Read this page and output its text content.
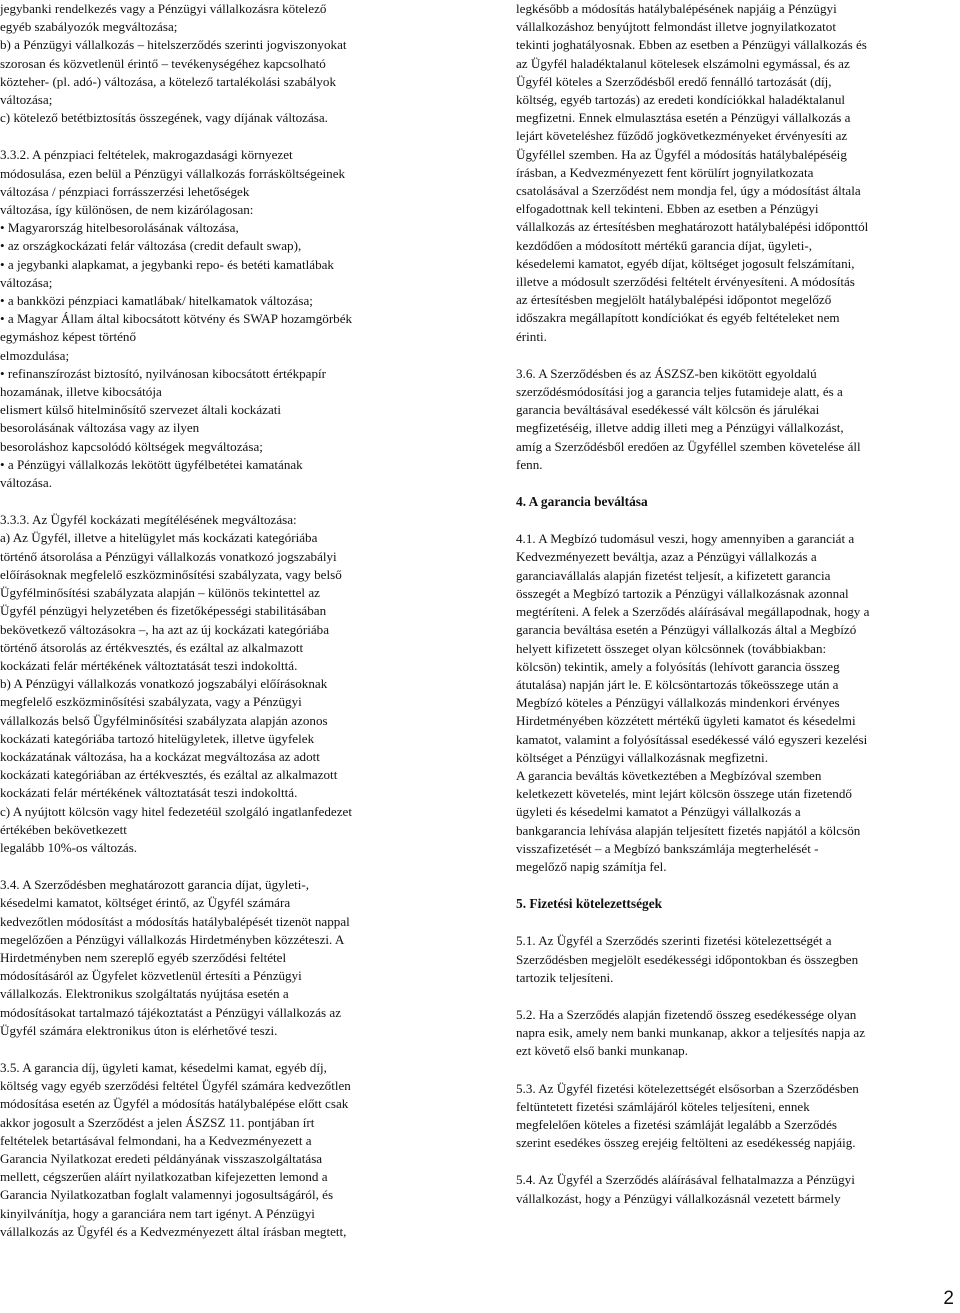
jegybanki rendelkezés vagy a Pénzügyi vállalkozásra kötelező
egyéb szabályozók megváltozása;
b) a Pénzügyi vállalkozás – hitelszerződés szerinti jogviszonyokat
szorosan és közvetlenül érintő – tevékenységéhez kapcsolható
közteher- (pl. adó-) változása, a kötelező tartalékolási szabályok
változása;
c) kötelező betétbiztosítás összegének, vagy díjának változása.
3.3.2. A pénzpiaci feltételek, makrogazdasági környezet
módosulása, ezen belül a Pénzügyi vállalkozás forrásköltségeinek
változása / pénzpiaci forrásszerzési lehetőségek
változása, így különösen, de nem kizárólagosan:
• Magyarország hitelbesorolásának változása,
• az országkockázati felár változása (credit default swap),
• a jegybanki alapkamat, a jegybanki repo- és betéti kamatlábak
változása;
• a bankközi pénzpiaci kamatlábak/ hitelkamatok változása;
• a Magyar Állam által kibocsátott kötvény és SWAP hozamgörbék
egymáshoz képest történő
elmozdulása;
• refinanszírozást biztosító, nyilvánosan kibocsátott értékpapír
hozamának, illetve kibocsátója
elismert külső hitelminősítő szervezet általi kockázati
besorolásának változása vagy az ilyen
besoroláshoz kapcsolódó költségek megváltozása;
• a Pénzügyi vállalkozás lekötött ügyfélbetétei kamatának
változása.
3.3.3. Az Ügyfél kockázati megítélésének megváltozása:
a) Az Ügyfél, illetve a hitelügylet más kockázati kategóriába
történő átsorolása a Pénzügyi vállalkozás vonatkozó jogszabályi
előírásoknak megfelelő eszközminősítési szabályzata, vagy belső
Ügyfélminősítési szabályzata alapján – különös tekintettel az
Ügyfél pénzügyi helyzetében és fizetőképességi stabilitásában
bekövetkező változásokra –, ha azt az új kockázati kategóriába
történő átsorolás az értékvesztés, és ezáltal az alkalmazott
kockázati felár mértékének változtatását teszi indokolttá.
b) A Pénzügyi vállalkozás vonatkozó jogszabályi előírásoknak
megfelelő eszközminősítési szabályzata, vagy a Pénzügyi
vállalkozás belső Ügyfélminősítési szabályzata alapján azonos
kockázati kategóriába tartozó hitelügyletek, illetve ügyfelek
kockázatának változása, ha a kockázat megváltozása az adott
kockázati kategóriában az értékvesztés, és ezáltal az alkalmazott
kockázati felár mértékének változtatását teszi indokolttá.
c) A nyújtott kölcsön vagy hitel fedezetéül szolgáló ingatlanfedezet
értékében bekövetkezett
legalább 10%-os változás.
3.4. A Szerződésben meghatározott garancia díjat, ügyleti-,
késedelmi kamatot, költséget érintő, az Ügyfél számára
kedvezőtlen módosítást a módosítás hatálybalépését tizenöt nappal
megelőzően a Pénzügyi vállalkozás Hirdetményben közzéteszi. A
Hirdetményben nem szereplő egyéb szerződési feltétel
módosításáról az Ügyfelet közvetlenül értesíti a Pénzügyi
vállalkozás. Elektronikus szolgáltatás nyújtása esetén a
módosításokat tartalmazó tájékoztatást a Pénzügyi vállalkozás az
Ügyfél számára elektronikus úton is elérhetővé teszi.
3.5. A garancia díj, ügyleti kamat, késedelmi kamat, egyéb díj,
költség vagy egyéb szerződési feltétel Ügyfél számára kedvezőtlen
módosítása esetén az Ügyfél a módosítás hatálybalépése előtt csak
akkor jogosult a Szerződést a jelen ÁSZSZ 11. pontjában írt
feltételek betartásával felmondani, ha a Kedvezményezett a
Garancia Nyilatkozat eredeti példányának visszaszolgáltatása
mellett, cégszerűen aláírt nyilatkozatban kifejezetten lemond a
Garancia Nyilatkozatban foglalt valamennyi jogosultságáról, és
kinyilvánítja, hogy a garanciára nem tart igényt. A Pénzügyi
vállalkozás az Ügyfél és a Kedvezményezett által írásban megtett,
legkésőbb a módosítás hatálybalépésének napjáig a Pénzügyi
vállalkozáshoz benyújtott felmondást illetve jognyilatkozatot
tekinti joghatályosnak. Ebben az esetben a Pénzügyi vállalkozás és
az Ügyfél haladéktalanul kötelesek elszámolni egymással, és az
Ügyfél köteles a Szerződésből eredő fennálló tartozását (díj,
költség, egyéb tartozás) az eredeti kondíciókkal haladéktalanul
megfizetni. Ennek elmulasztása esetén a Pénzügyi vállalkozás a
lejárt követeléshez fűződő jogkövetkezményeket érvényesíti az
Ügyféllel szemben. Ha az Ügyfél a módosítás hatálybalépéséig
írásban, a Kedvezményezett fent körülírt jognyilatkozata
csatolásával a Szerződést nem mondja fel, úgy a módosítást általa
elfogadottnak kell tekinteni. Ebben az esetben a Pénzügyi
vállalkozás az értesítésben meghatározott hatálybalépési időponttól
kezdődően a módosított mértékű garancia díjat, ügyleti-,
késedelemi kamatot, egyéb díjat, költséget jogosult felszámítani,
illetve a módosult szerződési feltételt érvényesíteni. A módosítás
az értesítésben megjelölt hatálybalépési időpontot megelőző
időszakra megállapított kondíciókat és egyéb feltételeket nem
érinti.
3.6. A Szerződésben és az ÁSZSZ-ben kikötött egyoldalú
szerződésmódosítási jog a garancia teljes futamideje alatt, és a
garancia beváltásával esedékessé vált kölcsön és járulékai
megfizetéséig, illetve addig illeti meg a Pénzügyi vállalkozást,
amíg a Szerződésből eredően az Ügyféllel szemben követelése áll
fenn.
4. A garancia beváltása
4.1. A Megbízó tudomásul veszi, hogy amennyiben a garanciát a
Kedvezményezett beváltja, azaz a Pénzügyi vállalkozás a
garanciavállalás alapján fizetést teljesít, a kifizetett garancia
összegét a Megbízó tartozik a Pénzügyi vállalkozásnak azonnal
megtéríteni. A felek a Szerződés aláírásával megállapodnak, hogy a
garancia beváltása esetén a Pénzügyi vállalkozás által a Megbízó
helyett kifizetett összeget olyan kölcsönnek (továbbiakban:
kölcsön) tekintik, amely a folyósítás (lehívott garancia összeg
átutalása) napján járt le. E kölcsöntartozás tőkeösszege után a
Megbízó köteles a Pénzügyi vállalkozás mindenkori érvényes
Hirdetményében közzétett mértékű ügyleti kamatot és késedelmi
kamatot, valamint a folyósítással esedékessé váló egyszeri kezelési
költséget a Pénzügyi vállalkozásnak megfizetni.
A garancia beváltás következtében a Megbízóval szemben
keletkezett követelés, mint lejárt kölcsön összege után fizetendő
ügyleti és késedelmi kamatot a Pénzügyi vállalkozás a
bankgarancia lehívása alapján teljesített fizetés napjától a kölcsön
visszafizetését – a Megbízó bankszámlája megterhelését -
megelőző napig számítja fel.
5. Fizetési kötelezettségek
5.1. Az Ügyfél a Szerződés szerinti fizetési kötelezettségét a
Szerződésben megjelölt esedékességi időpontokban és összegben
tartozik teljesíteni.
5.2. Ha a Szerződés alapján fizetendő összeg esedékessége olyan
napra esik, amely nem banki munkanap, akkor a teljesítés napja az
ezt követő első banki munkanap.
5.3. Az Ügyfél fizetési kötelezettségét elsősorban a Szerződésben
feltüntetett fizetési számlájáról köteles teljesíteni, ennek
megfelelően köteles a fizetési számláját legalább a Szerződés
szerint esedékes összeg erejéig feltölteni az esedékesség napjáig.
5.4. Az Ügyfél a Szerződés aláírásával felhatalmazza a Pénzügyi
vállalkozást, hogy a Pénzügyi vállalkozásnál vezetett bármely
2
